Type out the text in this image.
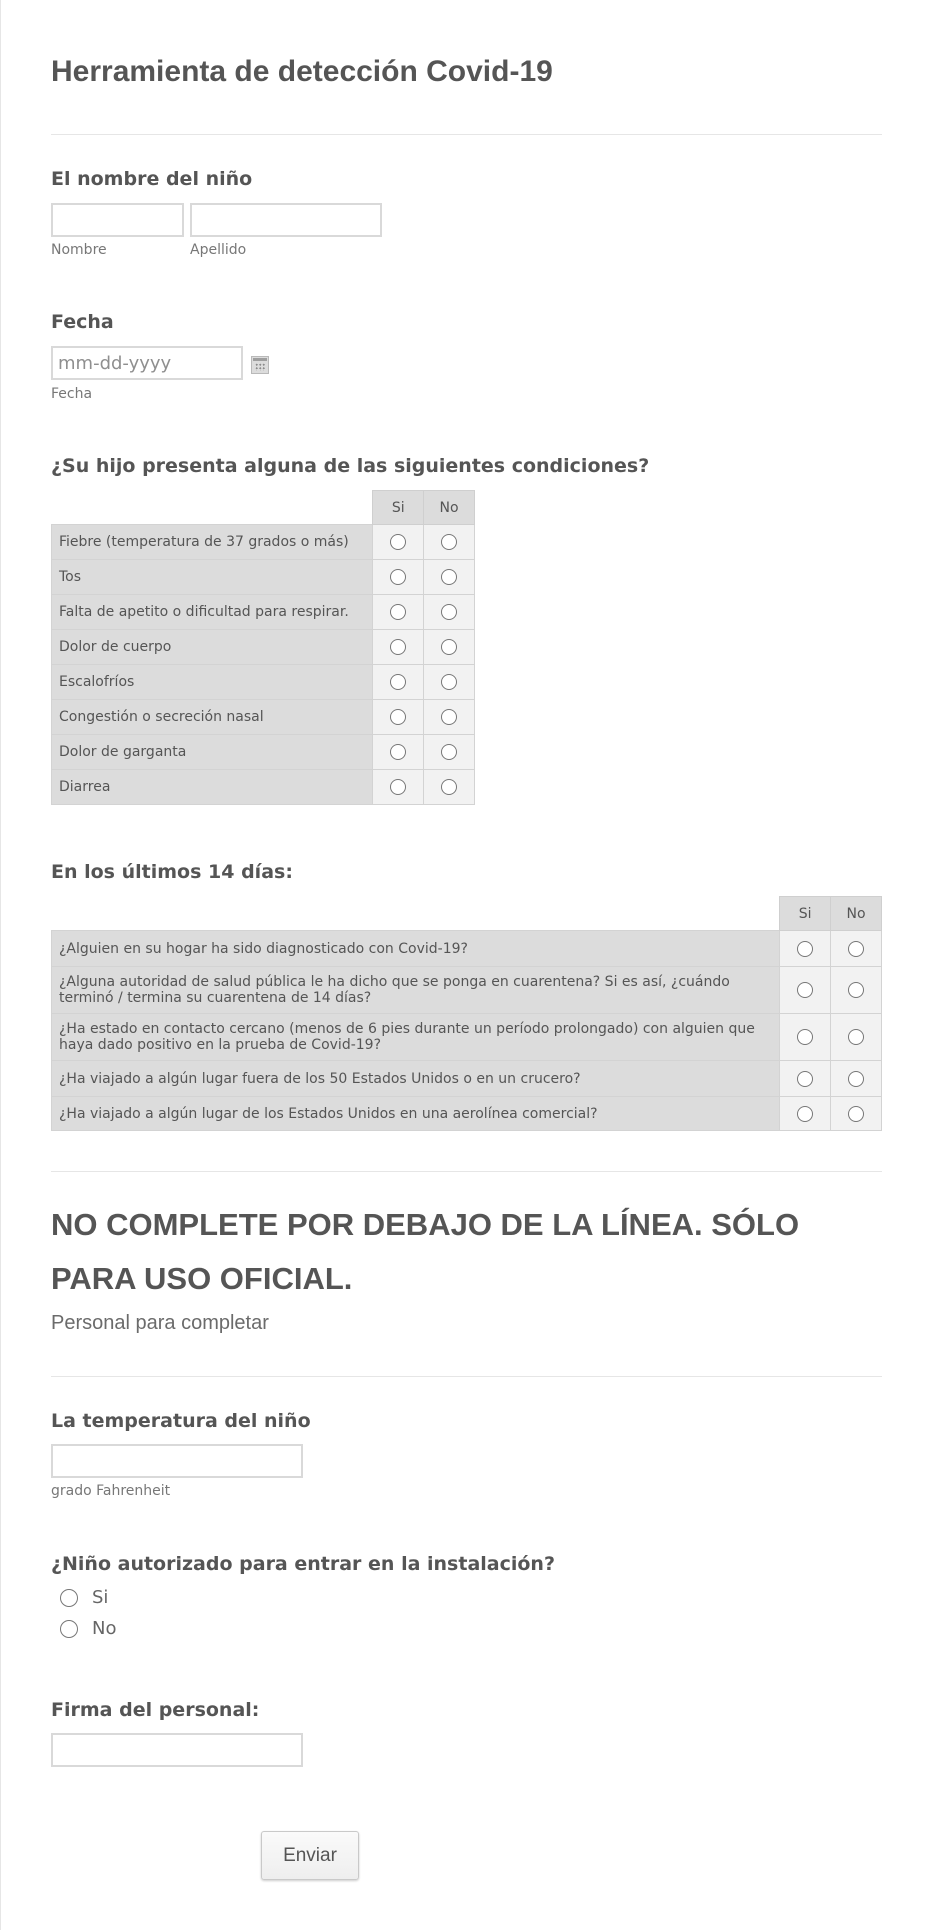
Herramienta de detección Covid-19
El nombre del niño
Nombre	Apellido
Fecha
mm-dd-yyyy
Fecha
¿Su hijo presenta alguna de las siguientes condiciones?
	Si	No
Fiebre (temperatura de 37 grados o más)		
Tos		
Falta de apetito o dificultad para respirar.		
Dolor de cuerpo		
Escalofríos		
Congestión o secreción nasal		
Dolor de garganta		
Diarrea		
En los últimos 14 días:
	Si	No
¿Alguien en su hogar ha sido diagnosticado con Covid-19?		
¿Alguna autoridad de salud pública le ha dicho que se ponga en cuarentena? Si es así, ¿cuándo terminó / termina su cuarentena de 14 días?		
¿Ha estado en contacto cercano (menos de 6 pies durante un período prolongado) con alguien que haya dado positivo en la prueba de Covid-19?		
¿Ha viajado a algún lugar fuera de los 50 Estados Unidos o en un crucero?		
¿Ha viajado a algún lugar de los Estados Unidos en una aerolínea comercial?		
NO COMPLETE POR DEBAJO DE LA LÍNEA. SÓLO PARA USO OFICIAL.
Personal para completar
La temperatura del niño
grado Fahrenheit
¿Niño autorizado para entrar en la instalación?
Si
No
Firma del personal:
Enviar
